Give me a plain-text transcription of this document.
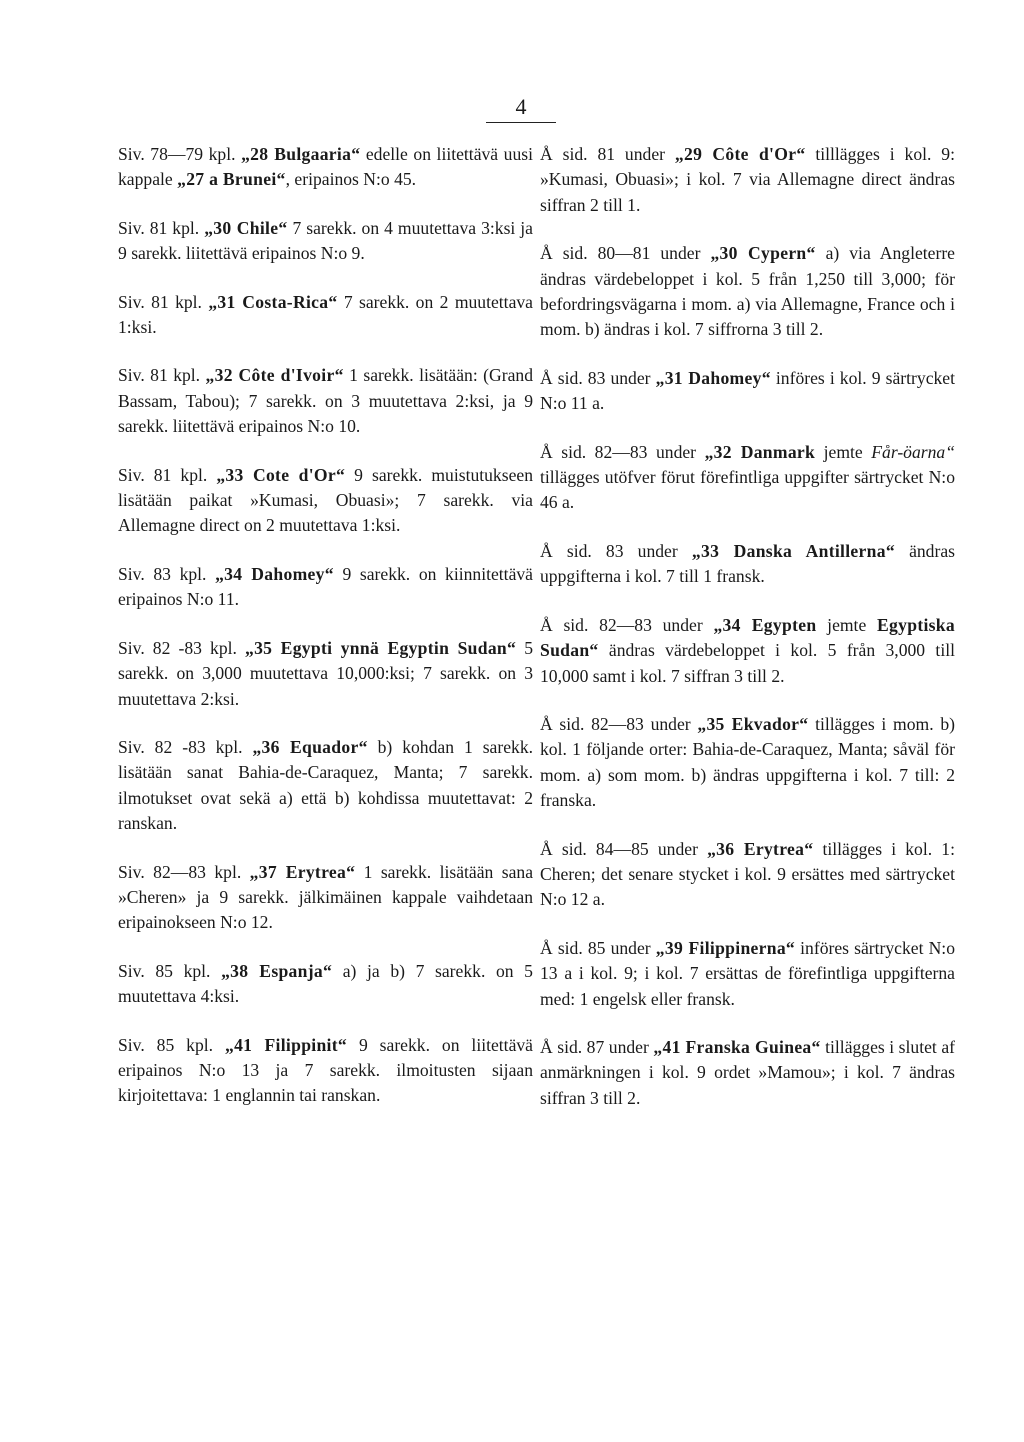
4

Siv. 78—79 kpl. „28 Bulgaaria“ edelle on liitettävä uusi kappale „27 a Brunei“, eripainos N:o 45.

Siv. 81 kpl. „30 Chile“ 7 sarekk. on 4 muutettava 3:ksi ja 9 sarekk. liitettävä eripainos N:o 9.

Siv. 81 kpl. „31 Costa-Rica“ 7 sarekk. on 2 muutettava 1:ksi.

Siv. 81 kpl. „32 Côte d'Ivoir“ 1 sarekk. lisätään: (Grand Bassam, Tabou); 7 sarekk. on 3 muutettava 2:ksi, ja 9 sarekk. liitettävä eripainos N:o 10.

Siv. 81 kpl. „33 Cote d'Or“ 9 sarekk. muistutukseen lisätään paikat »Kumasi, Obuasi»; 7 sarekk. via Allemagne direct on 2 muutettava 1:ksi.

Siv. 83 kpl. „34 Dahomey“ 9 sarekk. on kiinnitettävä eripainos N:o 11.

Siv. 82 -83 kpl. „35 Egypti ynnä Egyptin Sudan“ 5 sarekk. on 3,000 muutettava 10,000:ksi; 7 sarekk. on 3 muutettava 2:ksi.

Siv. 82 -83 kpl. „36 Equador“ b) kohdan 1 sarekk. lisätään sanat Bahia-de-Caraquez, Manta; 7 sarekk. ilmotukset ovat sekä a) että b) kohdissa muutettavat: 2 ranskan.

Siv. 82—83 kpl. „37 Erytrea“ 1 sarekk. lisätään sana »Cheren» ja 9 sarekk. jälkimäinen kappale vaihdetaan eripainokseen N:o 12.

Siv. 85 kpl. „38 Espanja“ a) ja b) 7 sarekk. on 5 muutettava 4:ksi.

Siv. 85 kpl. „41 Filippinit“ 9 sarekk. on liitettävä eripainos N:o 13 ja 7 sarekk. ilmoitusten sijaan kirjoitettava: 1 englannin tai ranskan.

Å sid. 81 under „29 Côte d'Or“ tilllägges i kol. 9: »Kumasi, Obuasi»; i kol. 7 via Allemagne direct ändras siffran 2 till 1.

Å sid. 80—81 under „30 Cypern“ a) via Angleterre ändras värdebeloppet i kol. 5 från 1,250 till 3,000; för befordringsvägarna i mom. a) via Allemagne, France och i mom. b) ändras i kol. 7 siffrorna 3 till 2.

Å sid. 83 under „31 Dahomey“ införes i kol. 9 särtrycket N:o 11 a.

Å sid. 82—83 under „32 Danmark jemte Får-öarna“ tillägges utöfver förut förefintliga uppgifter särtrycket N:o 46 a.

Å sid. 83 under „33 Danska Antillerna“ ändras uppgifterna i kol. 7 till 1 fransk.

Å sid. 82—83 under „34 Egypten jemte Egyptiska Sudan“ ändras värdebeloppet i kol. 5 från 3,000 till 10,000 samt i kol. 7 siffran 3 till 2.

Å sid. 82—83 under „35 Ekvador“ tillägges i mom. b) kol. 1 följande orter: Bahia-de-Caraquez, Manta; såväl för mom. a) som mom. b) ändras uppgifterna i kol. 7 till: 2 franska.

Å sid. 84—85 under „36 Erytrea“ tillägges i kol. 1: Cheren; det senare stycket i kol. 9 ersättes med särtrycket N:o 12 a.

Å sid. 85 under „39 Filippinerna“ införes särtrycket N:o 13 a i kol. 9; i kol. 7 ersättas de förefintliga uppgifterna med: 1 engelsk eller fransk.

Å sid. 87 under „41 Franska Guinea“ tillägges i slutet af anmärkningen i kol. 9 ordet »Mamou»; i kol. 7 ändras siffran 3 till 2.
